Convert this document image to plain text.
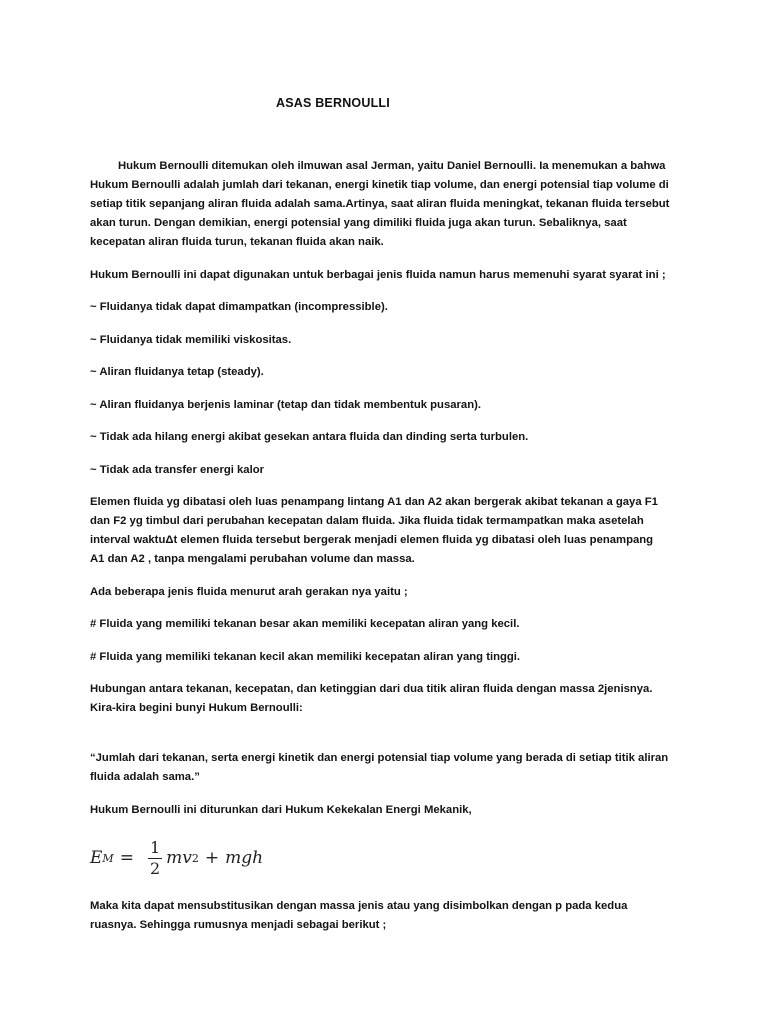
ASAS BERNOULLI

Hukum Bernoulli ditemukan oleh ilmuwan asal Jerman, yaitu Daniel Bernoulli. Ia menemukan a bahwa Hukum Bernoulli adalah jumlah dari tekanan, energi kinetik tiap volume, dan energi potensial tiap volume di setiap titik sepanjang aliran fluida adalah sama.Artinya, saat aliran fluida meningkat, tekanan fluida tersebut akan turun. Dengan demikian, energi potensial yang dimiliki fluida juga akan turun. Sebaliknya, saat kecepatan aliran fluida turun, tekanan fluida akan naik.

Hukum Bernoulli ini dapat digunakan untuk berbagai jenis fluida namun harus memenuhi syarat syarat ini ;

~ Fluidanya tidak dapat dimampatkan (incompressible).

~ Fluidanya tidak memiliki viskositas.

~ Aliran fluidanya tetap (steady).

~ Aliran fluidanya berjenis laminar (tetap dan tidak membentuk pusaran).

~ Tidak ada hilang energi akibat gesekan antara fluida dan dinding serta turbulen.

~ Tidak ada transfer energi kalor

Elemen fluida yg dibatasi oleh luas penampang lintang A1 dan A2 akan bergerak akibat tekanan a gaya F1 dan F2 yg timbul dari perubahan kecepatan dalam fluida. Jika fluida tidak termampatkan maka asetelah interval waktuΔt elemen fluida tersebut bergerak menjadi elemen fluida yg dibatasi oleh luas penampang A1 dan A2 , tanpa mengalami perubahan volume dan massa.

Ada beberapa jenis fluida menurut arah gerakan nya yaitu ;

# Fluida yang memiliki tekanan besar akan memiliki kecepatan aliran yang kecil.

# Fluida yang memiliki tekanan kecil akan memiliki kecepatan aliran yang tinggi.

Hubungan antara tekanan, kecepatan, dan ketinggian dari dua titik aliran fluida dengan massa 2jenisnya. Kira-kira begini bunyi Hukum Bernoulli:

“Jumlah dari tekanan, serta energi kinetik dan energi potensial tiap volume yang berada di setiap titik aliran fluida adalah sama.”

Hukum Bernoulli ini diturunkan dari Hukum Kekekalan Energi Mekanik,

E $M = \frac{1}{2}$ mv 2 + mgh

Maka kita dapat mensubstitusikan dengan massa jenis atau yang disimbolkan dengan p pada kedua ruasnya. Sehingga rumusnya menjadi sebagai berikut ;
